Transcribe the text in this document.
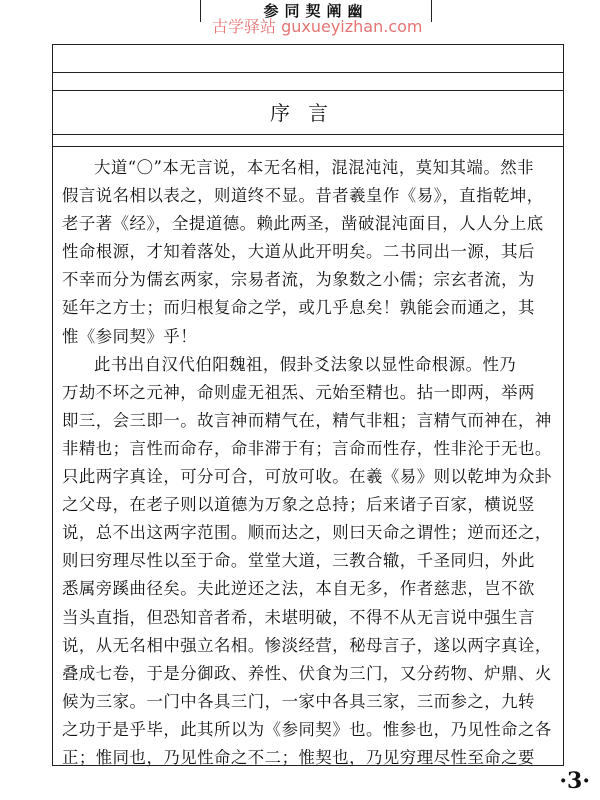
参同契阐幽
古学驿站 guxueyizhan.com
序言
大道“〇”本无言说，本无名相，混混沌沌，莫知其端。然非
假言说名相以表之，则道终不显。昔者羲皇作《易》，直指乾坤，
老子著《经》，全提道德。赖此两圣，凿破混沌面目，人人分上底
性命根源，才知着落处，大道从此开明矣。二书同出一源，其后
不幸而分为儒玄两家，宗易者流，为象数之小儒；宗玄者流，为
延年之方士；而归根复命之学，或几乎息矣！孰能会而通之，其
惟《参同契》乎！
此书出自汉代伯阳魏祖，假卦爻法象以显性命根源。性乃
万劫不坏之元神，命则虚无祖炁、元始至精也。拈一即两，举两
即三，会三即一。故言神而精气在，精气非粗；言精气而神在，神
非精也；言性而命存，命非滞于有；言命而性存，性非沦于无也。
只此两字真诠，可分可合，可放可收。在羲《易》则以乾坤为众卦
之父母，在老子则以道德为万象之总持；后来诸子百家，横说竖
说，总不出这两字范围。顺而达之，则曰天命之谓性；逆而还之，
则曰穷理尽性以至于命。堂堂大道，三教合辙，千圣同归，外此
悉属旁蹊曲径矣。夫此逆还之法，本自无多，作者慈悲，岂不欲
当头直指，但恐知音者希，未堪明破，不得不从无言说中强生言
说，从无名相中强立名相。惨淡经营，秘母言子，遂以两字真诠，
叠成七卷，于是分御政、养性、伏食为三门，又分药物、炉鼎、火
候为三家。一门中各具三门，一家中各具三家，三而参之，九转
之功于是乎毕，此其所以为《参同契》也。惟参也，乃见性命之各
正；惟同也，乃见性命之不二；惟契也，乃见穷理尽性至命之要
·3·
